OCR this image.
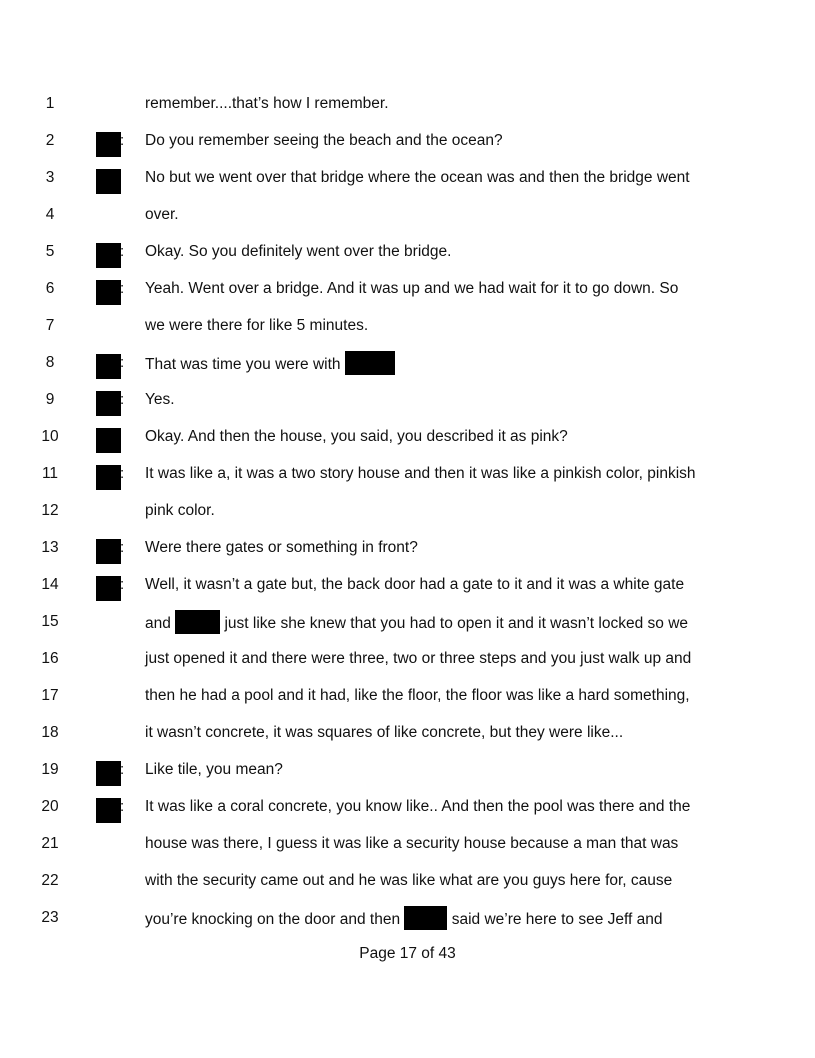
1	remember....that’s how I remember.
2	: Do you remember seeing the beach and the ocean?
3	No but we went over that bridge where the ocean was and then the bridge went
4	over.
5	: Okay. So you definitely went over the bridge.
6	: Yeah. Went over a bridge. And it was up and we had wait for it to go down. So
7	we were there for like 5 minutes.
8	: That was time you were with
9	: Yes.
10	Okay. And then the house, you said, you described it as pink?
11	: It was like a, it was a two story house and then it was like a pinkish color, pinkish
12	pink color.
13	: Were there gates or something in front?
14	: Well, it wasn’t a gate but, the back door had a gate to it and it was a white gate
15	and	just like she knew that you had to open it and it wasn’t locked so we
16	just opened it and there were three, two or three steps and you just walk up and
17	then he had a pool and it had, like the floor, the floor was like a hard something,
18	it wasn’t concrete, it was squares of like concrete, but they were like...
19	: Like tile, you mean?
20	: It was like a coral concrete, you know like.. And then the pool was there and the
21	house was there, I guess it was like a security house because a man that was
22	with the security came out and he was like what are you guys here for, cause
23	you’re knocking on the door and then	said we’re here to see Jeff and
Page 17 of 43
